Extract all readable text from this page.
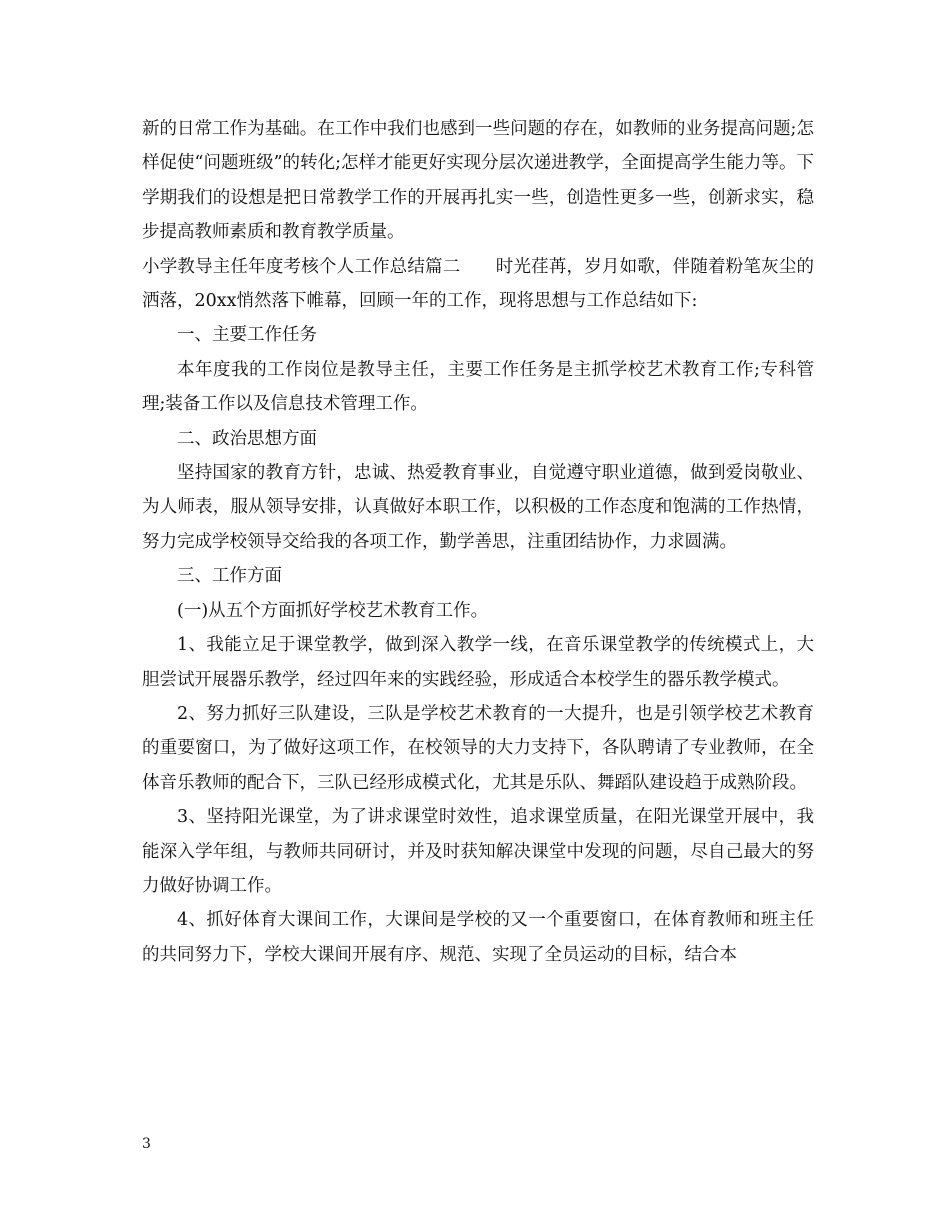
新的日常工作为基础。在工作中我们也感到一些问题的存在，如教师的业务提高问题;怎样促使“问题班级”的转化;怎样才能更好实现分层次递进教学，全面提高学生能力等。下学期我们的设想是把日常教学工作的开展再扎实一些，创造性更多一些，创新求实，稳步提高教师素质和教育教学质量。

小学教导主任年度考核个人工作总结篇二　　时光荏苒，岁月如歌，伴随着粉笔灰尘的洒落，20xx悄然落下帷幕，回顾一年的工作，现将思想与工作总结如下:

一、主要工作任务

本年度我的工作岗位是教导主任，主要工作任务是主抓学校艺术教育工作;专科管理;装备工作以及信息技术管理工作。

二、政治思想方面

坚持国家的教育方针，忠诚、热爱教育事业，自觉遵守职业道德，做到爱岗敬业、为人师表，服从领导安排，认真做好本职工作，以积极的工作态度和饱满的工作热情，努力完成学校领导交给我的各项工作，勤学善思，注重团结协作，力求圆满。

三、工作方面

(一)从五个方面抓好学校艺术教育工作。

1、我能立足于课堂教学，做到深入教学一线，在音乐课堂教学的传统模式上，大胆尝试开展器乐教学，经过四年来的实践经验，形成适合本校学生的器乐教学模式。

2、努力抓好三队建设，三队是学校艺术教育的一大提升，也是引领学校艺术教育的重要窗口，为了做好这项工作，在校领导的大力支持下，各队聘请了专业教师，在全体音乐教师的配合下，三队已经形成模式化，尤其是乐队、舞蹈队建设趋于成熟阶段。

3、坚持阳光课堂，为了讲求课堂时效性，追求课堂质量，在阳光课堂开展中，我能深入学年组，与教师共同研讨，并及时获知解决课堂中发现的问题，尽自己最大的努力做好协调工作。

4、抓好体育大课间工作，大课间是学校的又一个重要窗口，在体育教师和班主任的共同努力下，学校大课间开展有序、规范、实现了全员运动的目标，结合本

3
